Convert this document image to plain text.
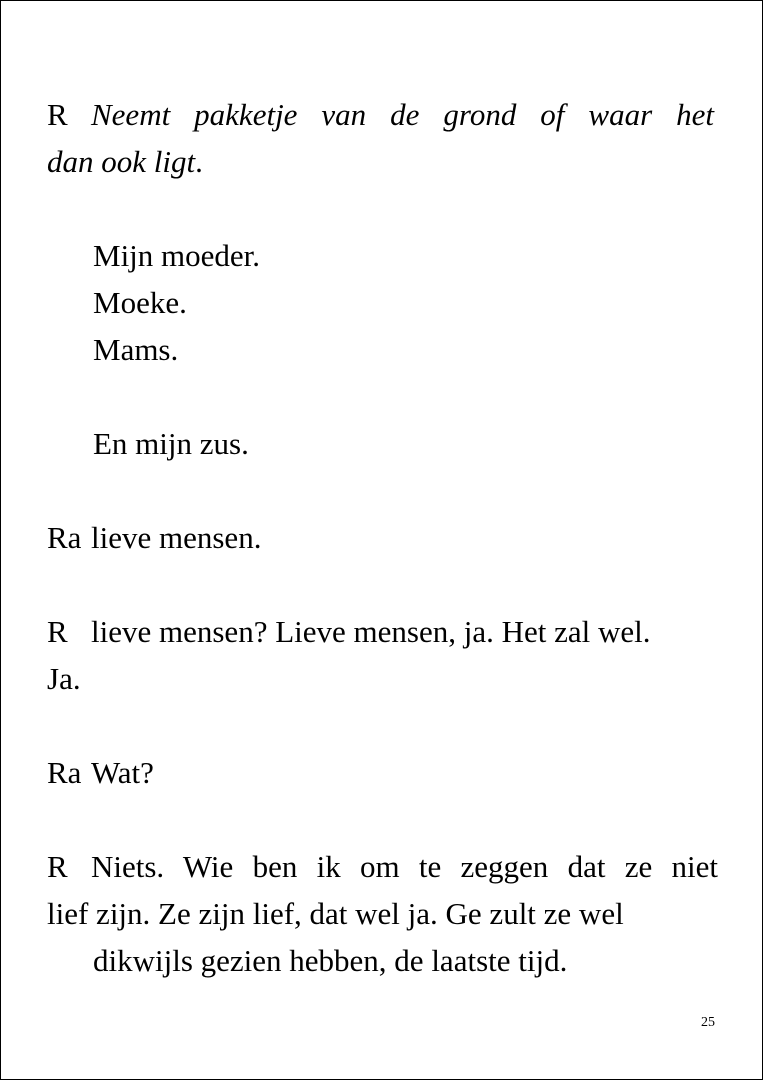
R Neemt pakketje van de grond of waar het
dan ook ligt.

Mijn moeder.
Moeke.
Mams.
En mijn zus.
Ra lieve mensen.
R lieve mensen? Lieve mensen, ja. Het zal wel.
Ja.
Ra Wat?
R Niets. Wie ben ik om te zeggen dat ze niet
lief zijn. Ze zijn lief, dat wel ja. Ge zult ze wel
dikwijls gezien hebben, de laatste tijd.
25
